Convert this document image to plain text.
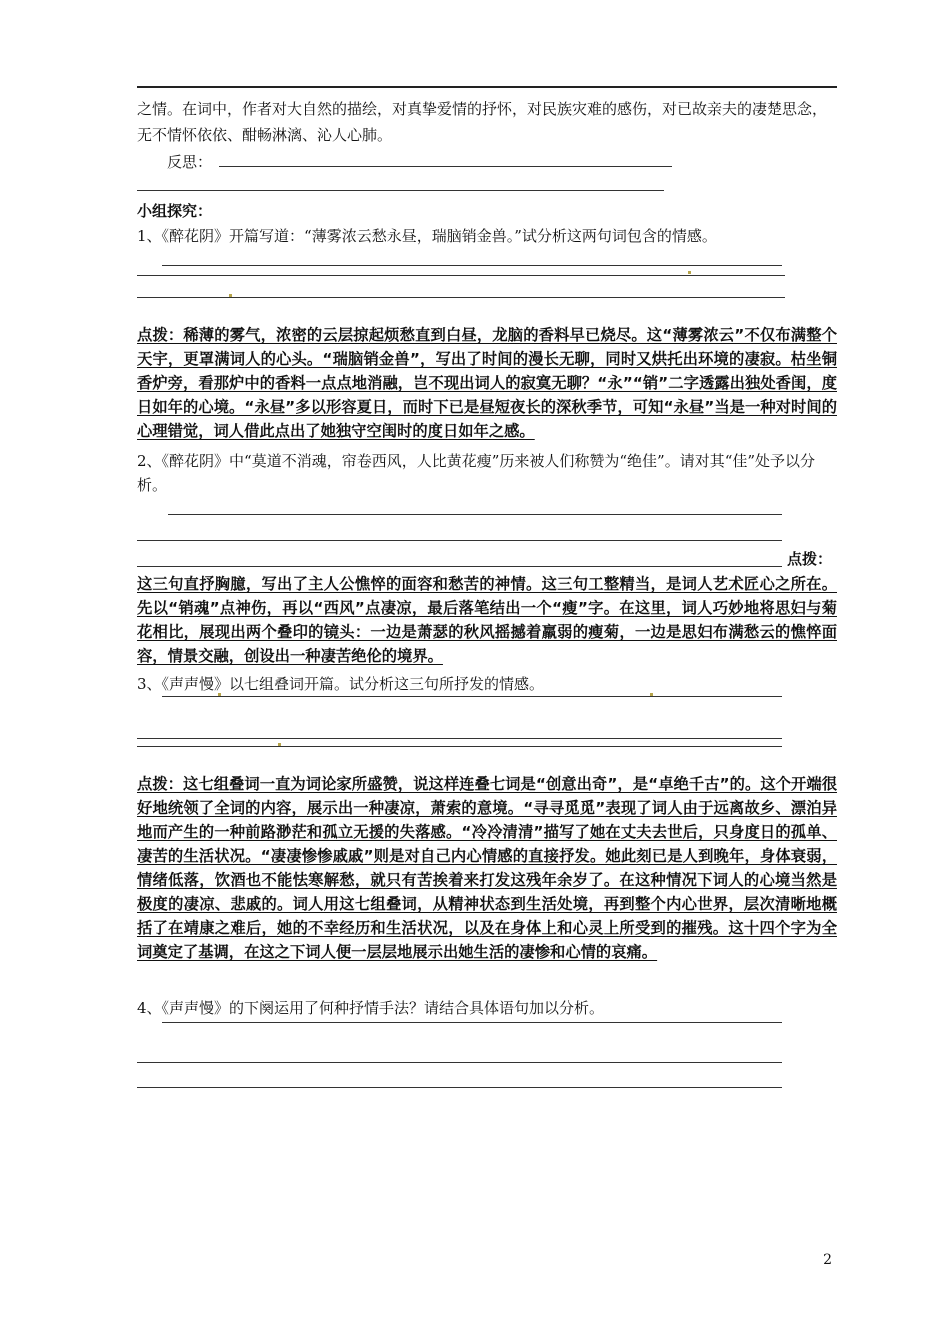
之情。在词中，作者对大自然的描绘，对真挚爱情的抒怀，对民族灾难的感伤，对已故亲夫的凄楚思念，无不情怀依依、酣畅淋漓、沁人心肺。
反思：
小组探究：
1、《醉花阴》开篇写道：“薄雾浓云愁永昼，瑞脑销金兽。”试分析这两句词包含的情感。
点拨：稀薄的雾气，浓密的云层掠起烦愁直到白昼，龙脑的香料早已烧尽。这“薄雾浓云”不仅布满整个天宇，更罩满词人的心头。“瑞脑销金兽”，写出了时间的漫长无聊，同时又烘托出环境的凄寂。枯坐铜香炉旁，看那炉中的香料一点点地消融，岂不现出词人的寂寞无聊？“永”“销”二字透露出独处香闺，度日如年的心境。“永昼”多以形容夏日，而时下已是昼短夜长的深秋季节，可知“永昼”当是一种对时间的心理错觉，词人借此点出了她独守空闺时的度日如年之感。
2、《醉花阴》中“莫道不消魂，帘卷西风，人比黄花瘦”历来被人们称赞为“绝佳”。请对其“佳”处予以分析。
点拨：
这三句直抒胸臆，写出了主人公憔悴的面容和愁苦的神情。这三句工整精当，是词人艺术匠心之所在。先以“销魂”点神伤，再以“西风”点凄凉，最后落笔结出一个“瘦”字。在这里，词人巧妙地将思妇与菊花相比，展现出两个叠印的镜头：一边是萧瑟的秋风摇撼着羸弱的瘦菊，一边是思妇布满愁云的憔悴面容，情景交融，创设出一种凄苦绝伦的境界。
3、《声声慢》以七组叠词开篇。试分析这三句所抒发的情感。
点拨：这七组叠词一直为词论家所盛赞，说这样连叠七词是“创意出奇”，是“卓绝千古”的。这个开端很好地统领了全词的内容，展示出一种凄凉，萧索的意境。“寻寻觅觅”表现了词人由于远离故乡、漂泊异地而产生的一种前路渺茫和孤立无援的失落感。“冷冷清清”描写了她在丈夫去世后，只身度日的孤单、凄苦的生活状况。“凄凄惨惨戚戚”则是对自己内心情感的直接抒发。她此刻已是人到晚年，身体衰弱，情绪低落，饮酒也不能怯寒解愁，就只有苦挨着来打发这残年余岁了。在这种情况下词人的心境当然是极度的凄凉、悲戚的。词人用这七组叠词，从精神状态到生活处境，再到整个内心世界，层次清晰地概括了在靖康之难后，她的不幸经历和生活状况，以及在身体上和心灵上所受到的摧残。这十四个字为全词奠定了基调，在这之下词人便一层层地展示出她生活的凄惨和心情的哀痛。
4、《声声慢》的下阕运用了何种抒情手法？请结合具体语句加以分析。
2
